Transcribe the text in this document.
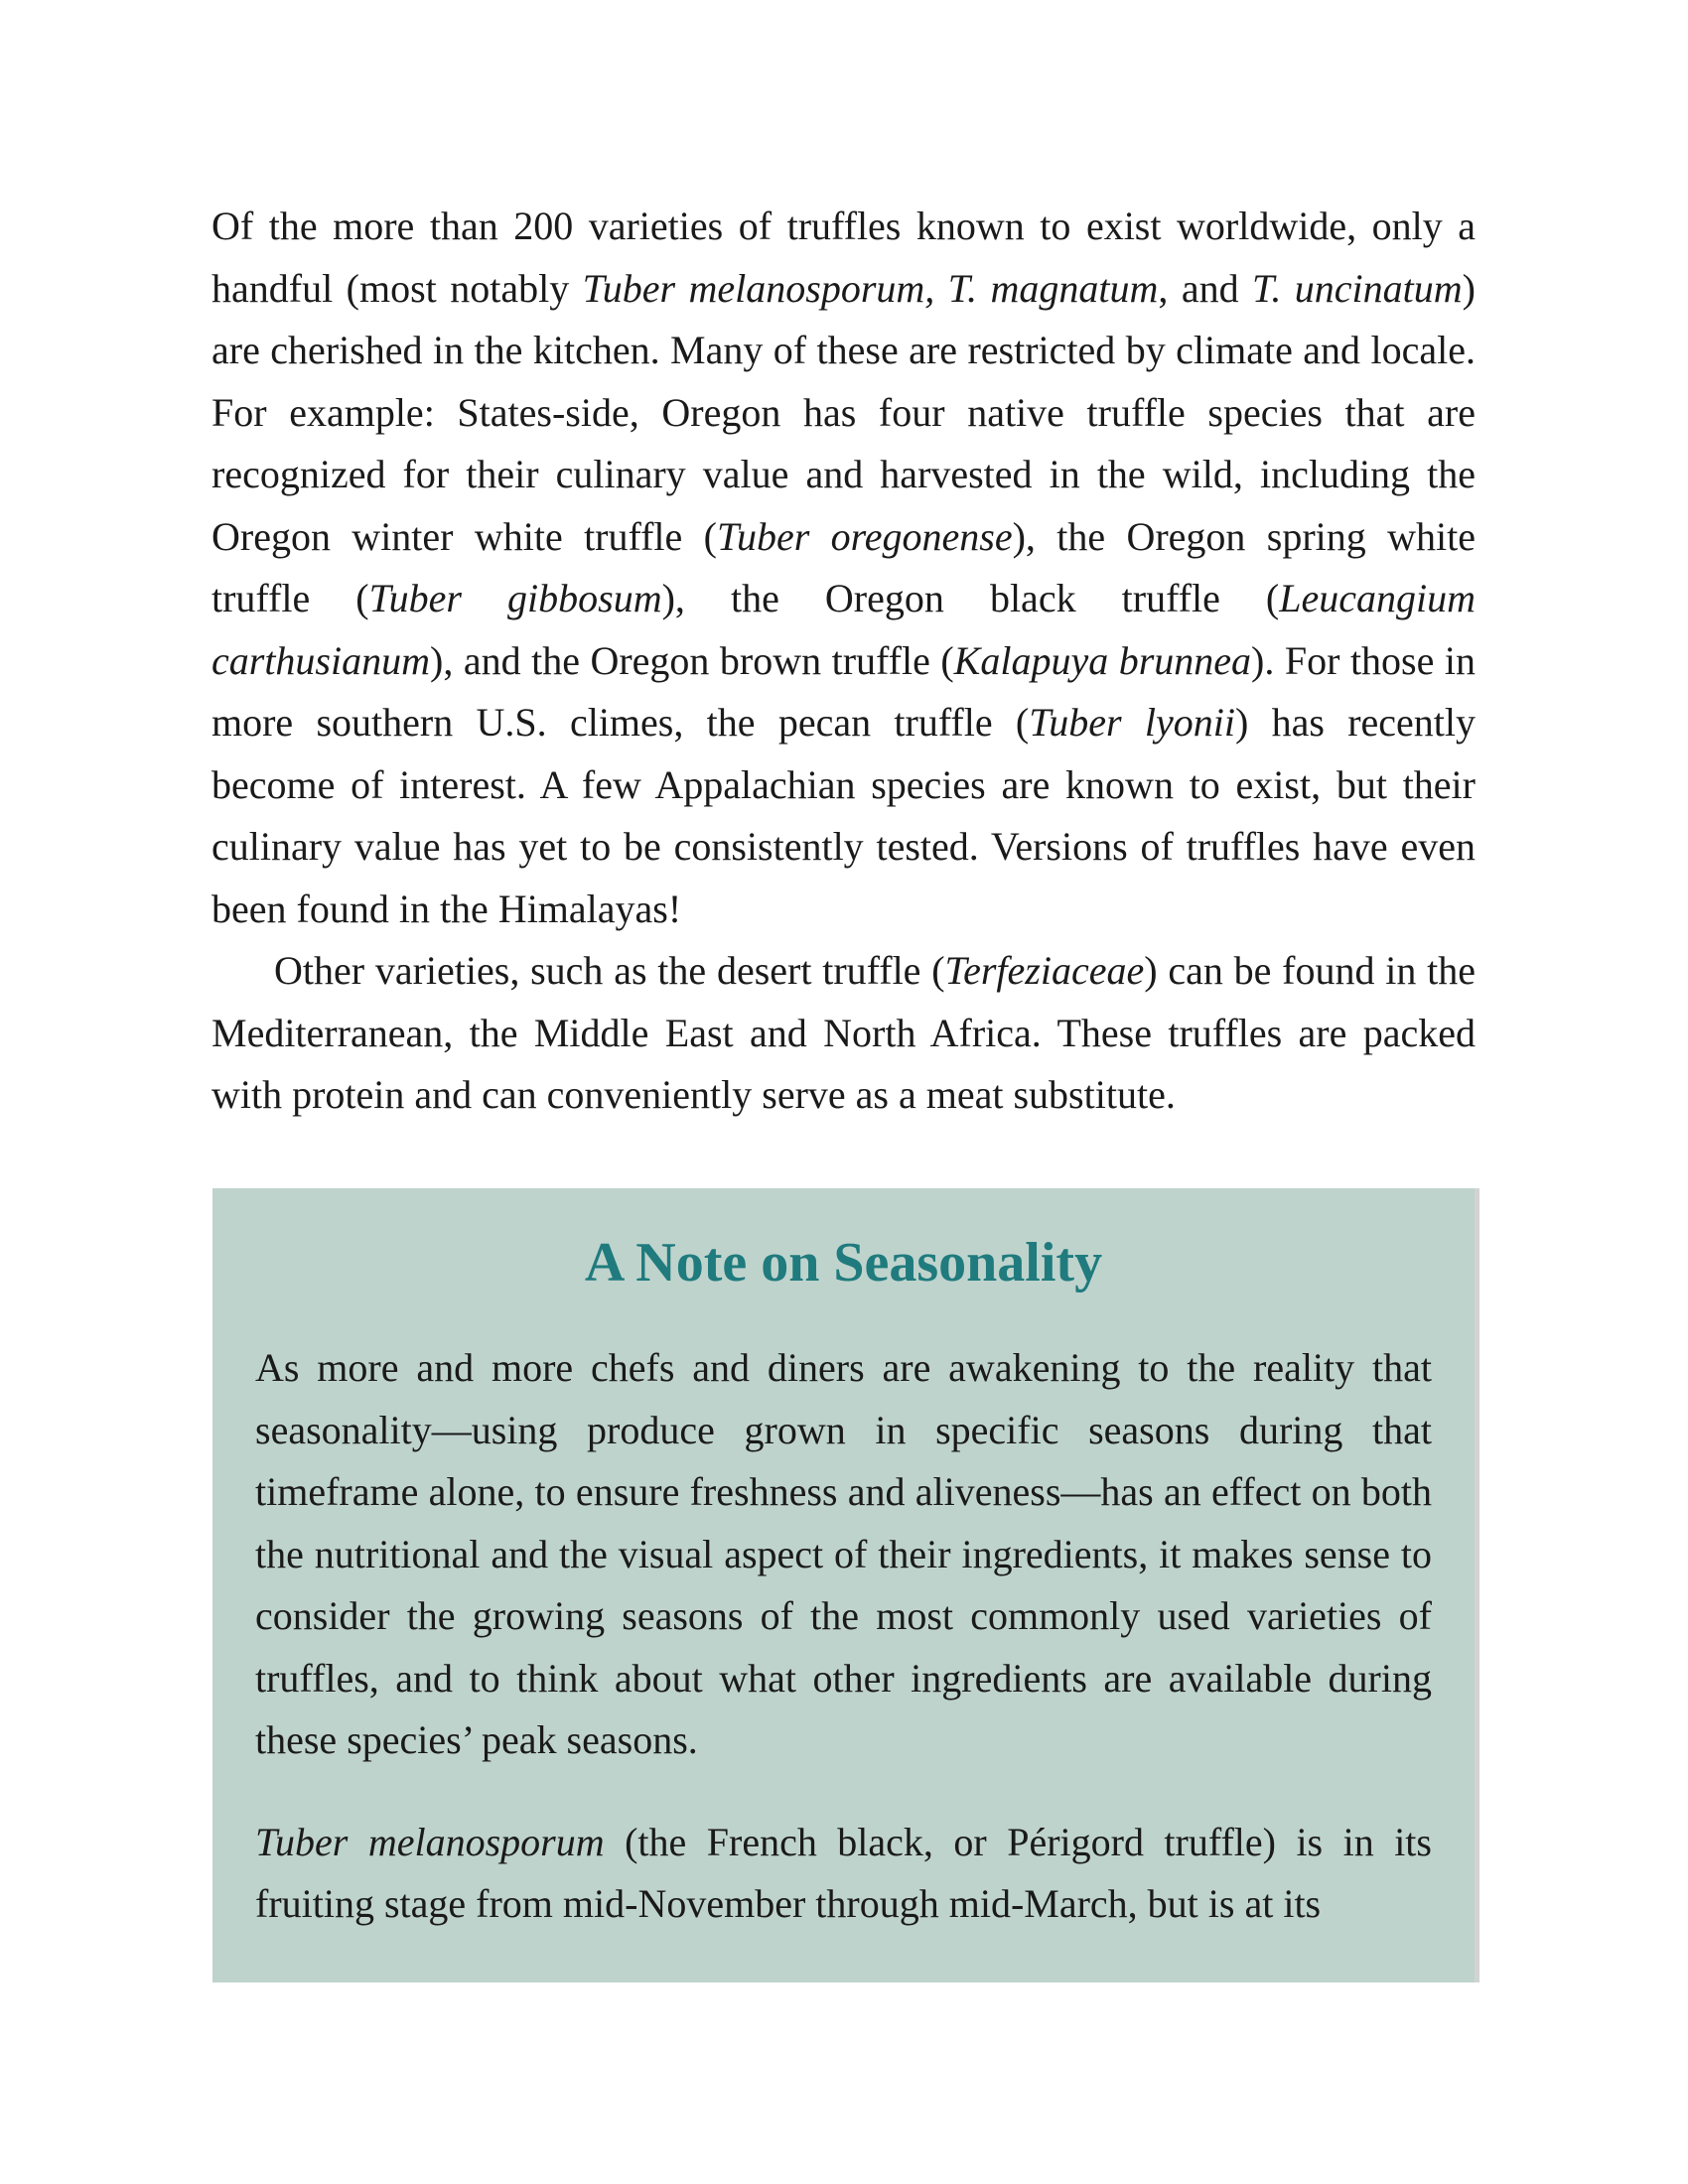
Of the more than 200 varieties of truffles known to exist worldwide, only a handful (most notably Tuber melanosporum, T. magnatum, and T. uncinatum) are cherished in the kitchen. Many of these are restricted by climate and locale. For example: States-side, Oregon has four native truffle species that are recognized for their culinary value and harvested in the wild, including the Oregon winter white truffle (Tuber oregonense), the Oregon spring white truffle (Tuber gibbosum), the Oregon black truffle (Leucangium carthusianum), and the Oregon brown truffle (Kalapuya brunnea). For those in more southern U.S. climes, the pecan truffle (Tuber lyonii) has recently become of interest. A few Appalachian species are known to exist, but their culinary value has yet to be consistently tested. Versions of truffles have even been found in the Himalayas!

Other varieties, such as the desert truffle (Terfeziaceae) can be found in the Mediterranean, the Middle East and North Africa. These truffles are packed with protein and can conveniently serve as a meat substitute.

A Note on Seasonality

As more and more chefs and diners are awakening to the reality that seasonality—using produce grown in specific seasons during that timeframe alone, to ensure freshness and aliveness—has an effect on both the nutritional and the visual aspect of their ingredients, it makes sense to consider the growing seasons of the most commonly used varieties of truffles, and to think about what other ingredients are available during these species’ peak seasons.

Tuber melanosporum (the French black, or Périgord truffle) is in its fruiting stage from mid-November through mid-March, but is at its
